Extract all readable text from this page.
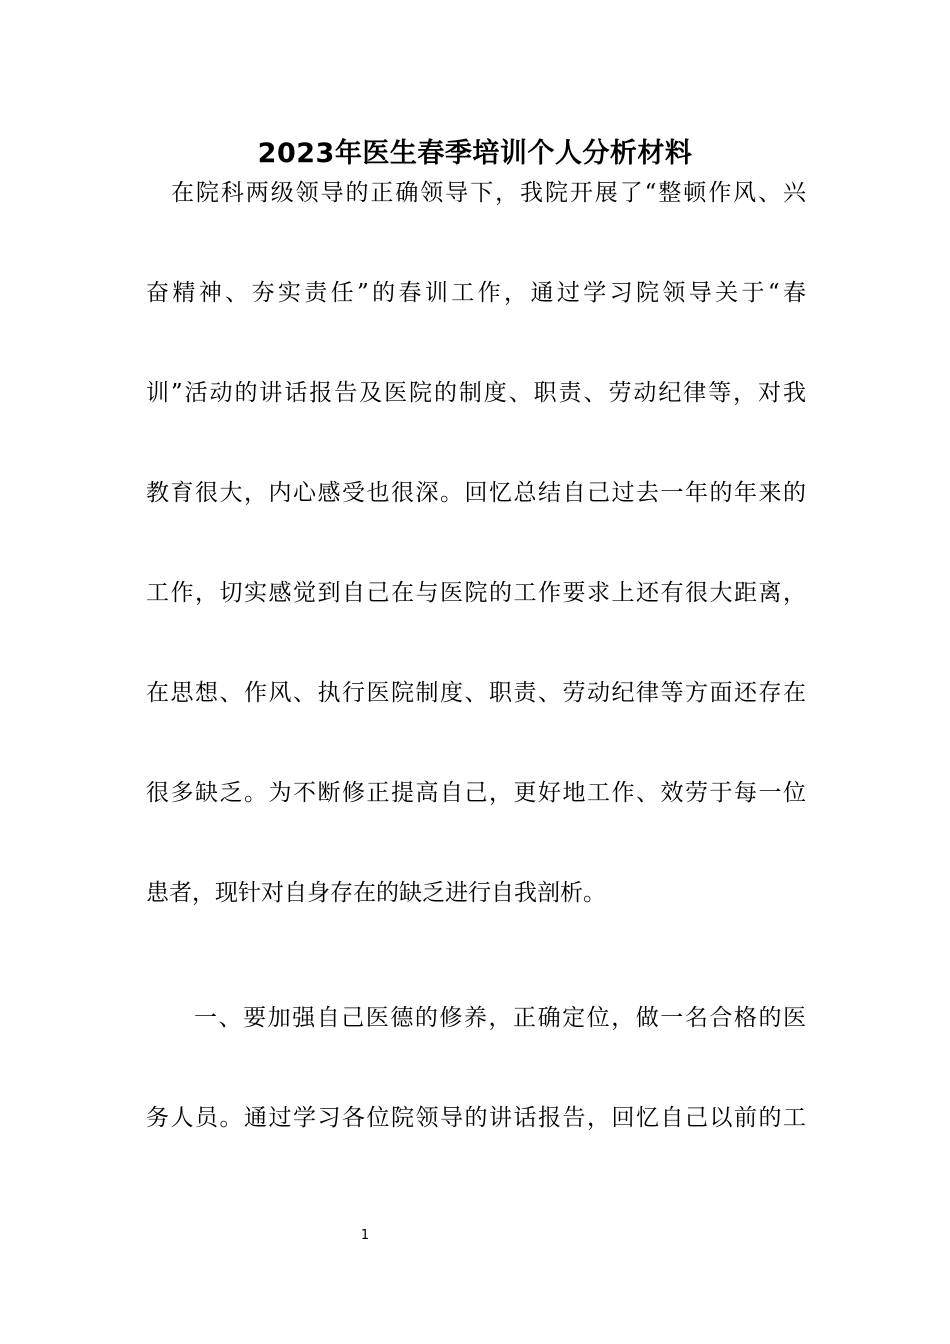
2023年医生春季培训个人分析材料
在院科两级领导的正确领导下，我院开展了“整顿作风、兴
奋精神、夯实责任”的春训工作，通过学习院领导关于“春
训”活动的讲话报告及医院的制度、职责、劳动纪律等，对我
教育很大，内心感受也很深。回忆总结自己过去一年的年来的
工作，切实感觉到自己在与医院的工作要求上还有很大距离，
在思想、作风、执行医院制度、职责、劳动纪律等方面还存在
很多缺乏。为不断修正提高自己，更好地工作、效劳于每一位
患者，现针对自身存在的缺乏进行自我剖析。
一、要加强自己医德的修养，正确定位，做一名合格的医
务人员。通过学习各位院领导的讲话报告，回忆自己以前的工
1
